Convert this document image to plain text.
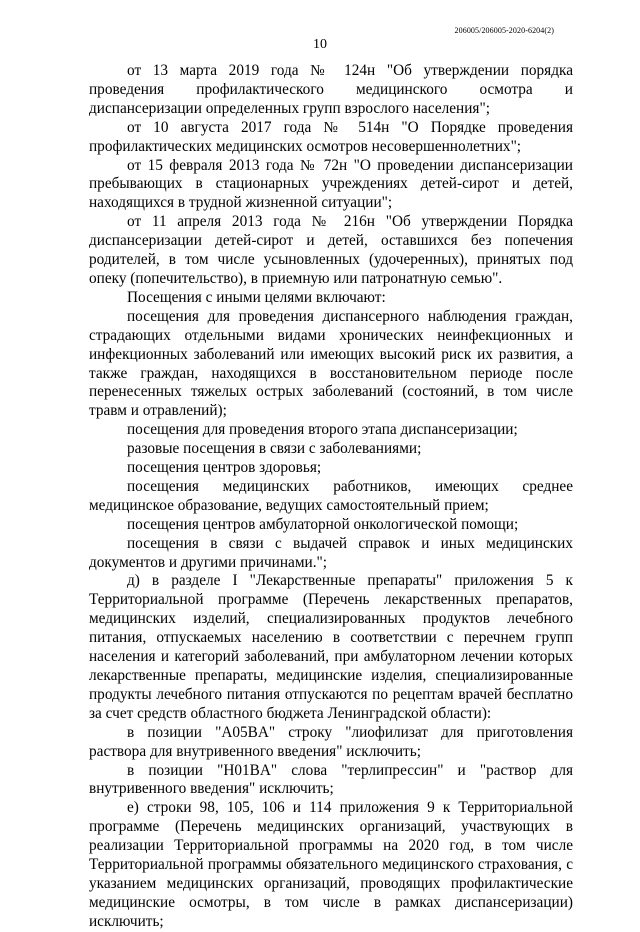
206005/206005-2020-6204(2)
10

от 13 марта 2019 года № 124н "Об утверждении порядка проведения профилактического медицинского осмотра и диспансеризации определенных групп взрослого населения";

от 10 августа 2017 года № 514н "О Порядке проведения профилактических медицинских осмотров несовершеннолетних";

от 15 февраля 2013 года № 72н "О проведении диспансеризации пребывающих в стационарных учреждениях детей-сирот и детей, находящихся в трудной жизненной ситуации";

от 11 апреля 2013 года № 216н "Об утверждении Порядка диспансеризации детей-сирот и детей, оставшихся без попечения родителей, в том числе усыновленных (удочеренных), принятых под опеку (попечительство), в приемную или патронатную семью".

Посещения с иными целями включают:

посещения для проведения диспансерного наблюдения граждан, страдающих отдельными видами хронических неинфекционных и инфекционных заболеваний или имеющих высокий риск их развития, а также граждан, находящихся в восстановительном периоде после перенесенных тяжелых острых заболеваний (состояний, в том числе травм и отравлений);

посещения для проведения второго этапа диспансеризации;

разовые посещения в связи с заболеваниями;

посещения центров здоровья;

посещения медицинских работников, имеющих среднее медицинское образование, ведущих самостоятельный прием;

посещения центров амбулаторной онкологической помощи;

посещения в связи с выдачей справок и иных медицинских документов и другими причинами.";

д) в разделе I "Лекарственные препараты" приложения 5 к Территориальной программе (Перечень лекарственных препаратов, медицинских изделий, специализированных продуктов лечебного питания, отпускаемых населению в соответствии с перечнем групп населения и категорий заболеваний, при амбулаторном лечении которых лекарственные препараты, медицинские изделия, специализированные продукты лечебного питания отпускаются по рецептам врачей бесплатно за счет средств областного бюджета Ленинградской области):

в позиции "A05BA" строку "лиофилизат для приготовления раствора для внутривенного введения" исключить;

в позиции "H01BA" слова "терлипрессин" и "раствор для внутривенного введения" исключить;

е) строки 98, 105, 106 и 114 приложения 9 к Территориальной программе (Перечень медицинских организаций, участвующих в реализации Территориальной программы на 2020 год, в том числе Территориальной программы обязательного медицинского страхования, с указанием медицинских организаций, проводящих профилактические медицинские осмотры, в том числе в рамках диспансеризации) исключить;
